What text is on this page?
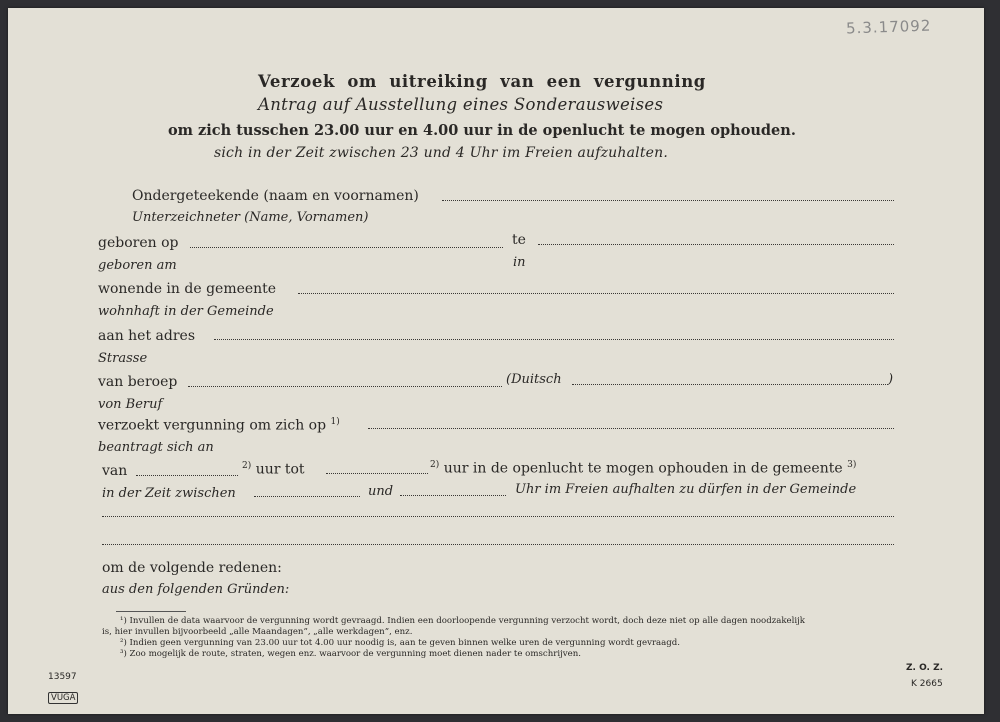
5.3.17092
Verzoek om uitreiking van een vergunning
Antrag auf Ausstellung eines Sonderausweises
om zich tusschen 23.00 uur en 4.00 uur in de openlucht te mogen ophouden.
sich in der Zeit zwischen 23 und 4 Uhr im Freien aufzuhalten.
Ondergeteekende (naam en voornamen)
Unterzeichneter (Name, Vornamen)
geboren op	te
geboren am	in
wonende in de gemeente
wohnhaft in der Gemeinde
aan het adres
Strasse
van beroep	(Duitsch	)
von Beruf
verzoekt vergunning om zich op $^{1)}$
beantragt sich an
van	$^{2)}$ uur tot	$^{2)}$ uur in de openlucht te mogen ophouden in de gemeente $^{3)}$
in der Zeit zwischen	und	Uhr im Freien aufhalten zu dürfen in der Gemeinde
om de volgende redenen:
aus den folgenden Gründen:
¹) Invullen de data waarvoor de vergunning wordt gevraagd. Indien een doorloopende vergunning verzocht wordt, doch deze niet op alle dagen noodzakelijk
is, hier invullen bijvoorbeeld „alle Maandagen”, „alle werkdagen”, enz.
²) Indien geen vergunning van 23.00 uur tot 4.00 uur noodig is, aan te geven binnen welke uren de vergunning wordt gevraagd.
³) Zoo mogelijk de route, straten, wegen enz. waarvoor de vergunning moet dienen nader te omschrijven.
13597
VUGA
Z. O. Z.
K 2665
